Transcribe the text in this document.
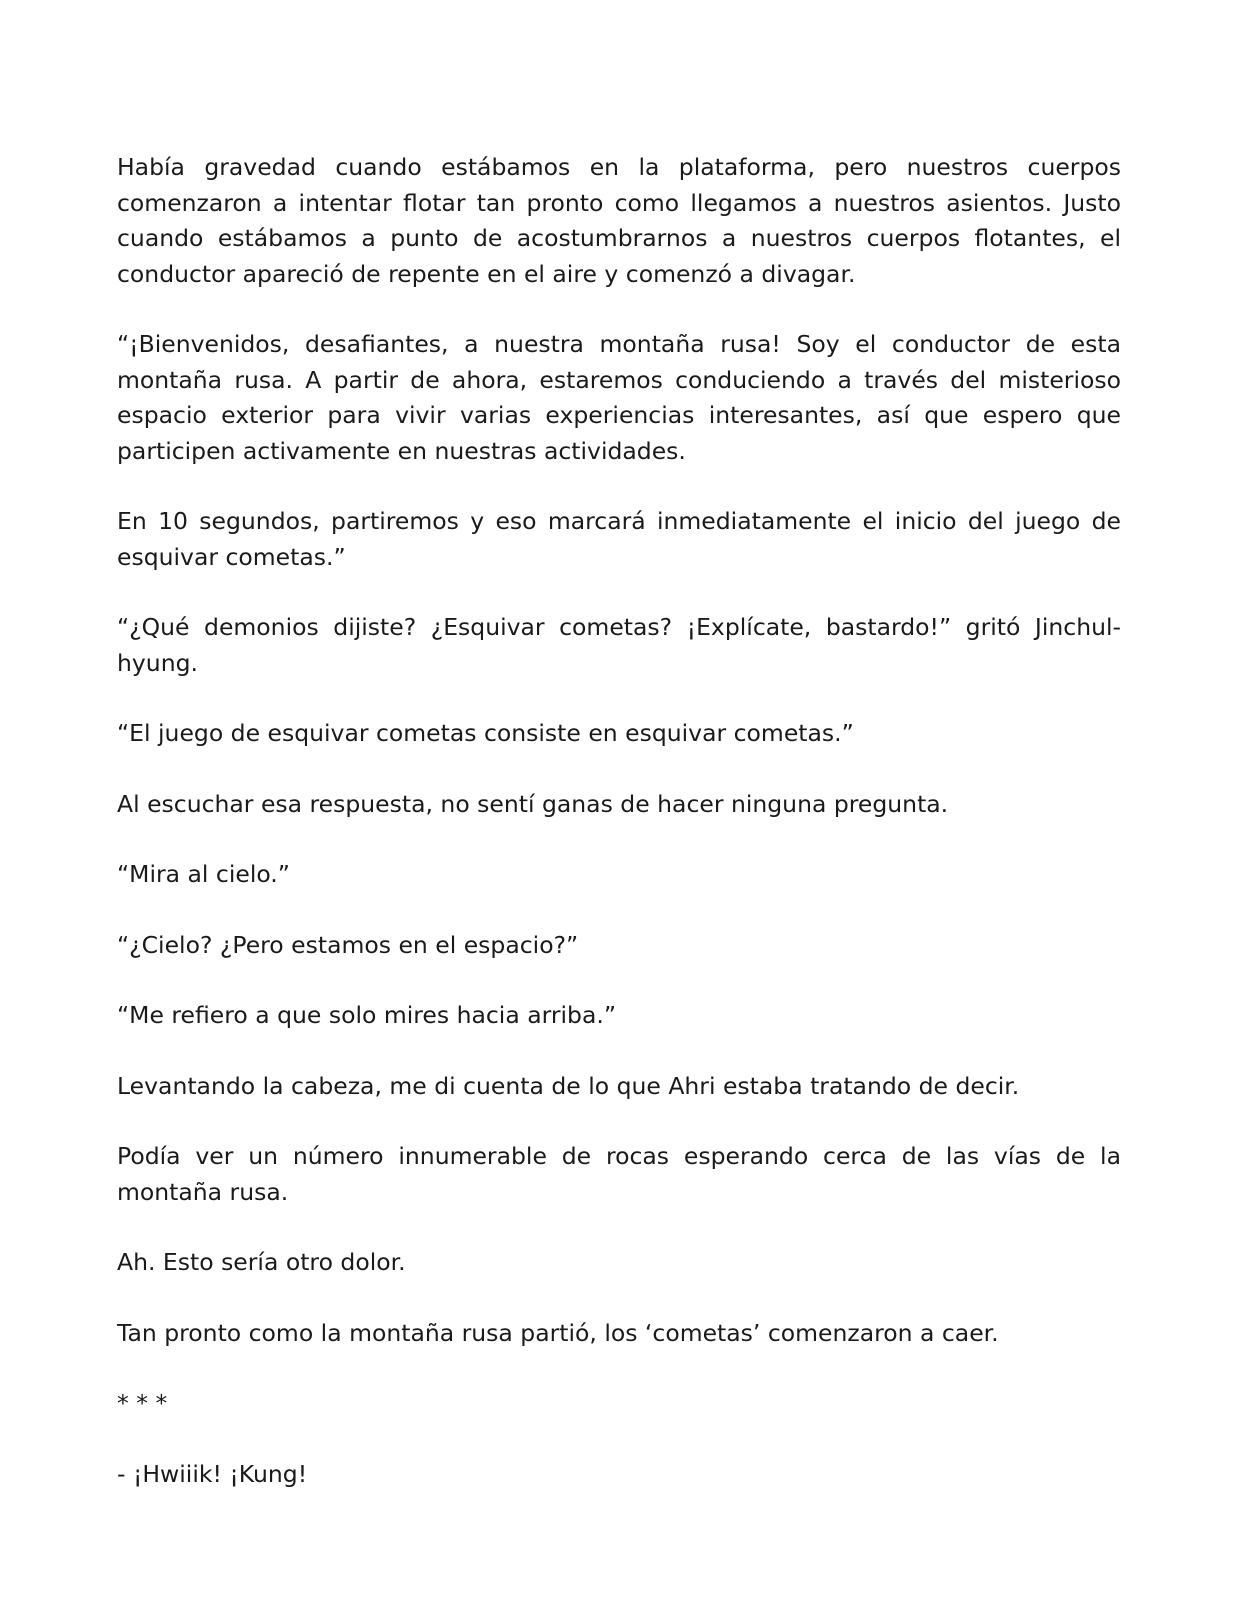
Había gravedad cuando estábamos en la plataforma, pero nuestros cuerpos comenzaron a intentar flotar tan pronto como llegamos a nuestros asientos. Justo cuando estábamos a punto de acostumbrarnos a nuestros cuerpos flotantes, el conductor apareció de repente en el aire y comenzó a divagar.

“¡Bienvenidos, desafiantes, a nuestra montaña rusa! Soy el conductor de esta montaña rusa. A partir de ahora, estaremos conduciendo a través del misterioso espacio exterior para vivir varias experiencias interesantes, así que espero que participen activamente en nuestras actividades.

En 10 segundos, partiremos y eso marcará inmediatamente el inicio del juego de esquivar cometas.”

“¿Qué demonios dijiste? ¿Esquivar cometas? ¡Explícate, bastardo!” gritó Jinchul-hyung.

“El juego de esquivar cometas consiste en esquivar cometas.”

Al escuchar esa respuesta, no sentí ganas de hacer ninguna pregunta.

“Mira al cielo.”

“¿Cielo? ¿Pero estamos en el espacio?”

“Me refiero a que solo mires hacia arriba.”

Levantando la cabeza, me di cuenta de lo que Ahri estaba tratando de decir.

Podía ver un número innumerable de rocas esperando cerca de las vías de la montaña rusa.

Ah. Esto sería otro dolor.

Tan pronto como la montaña rusa partió, los ‘cometas’ comenzaron a caer.

* * *

- ¡Hwiiik! ¡Kung!
